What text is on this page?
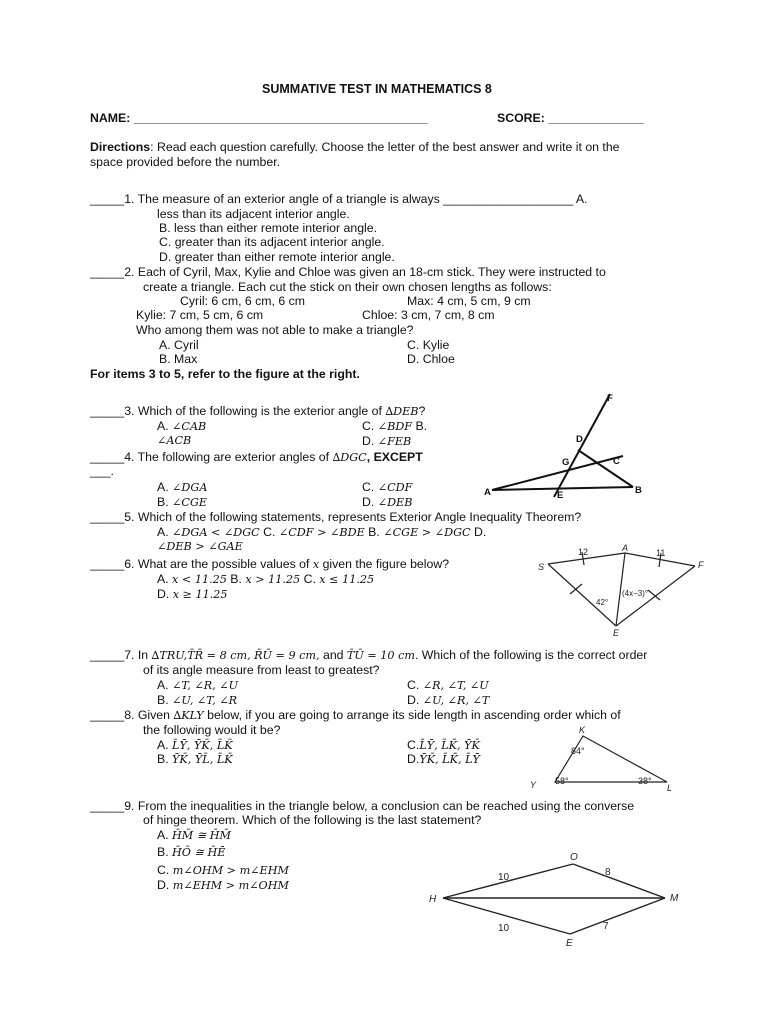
SUMMATIVE TEST IN MATHEMATICS 8
NAME: ___________________________________________	SCORE: ______________
Directions: Read each question carefully. Choose the letter of the best answer and write it on the
space provided before the number.
_____1. The measure of an exterior angle of a triangle is always ___________________ A.
less than its adjacent interior angle.
B. less than either remote interior angle.
C. greater than its adjacent interior angle.
D. greater than either remote interior angle.
_____2. Each of Cyril, Max, Kylie and Chloe was given an 18-cm stick. They were instructed to
create a triangle. Each cut the stick on their own chosen lengths as follows:
Cyril: 6 cm, 6 cm, 6 cm	Max: 4 cm, 5 cm, 9 cm
Kylie: 7 cm, 5 cm, 6 cm	Chloe: 3 cm, 7 cm, 8 cm
Who among them was not able to make a triangle?
A. Cyril	C. Kylie
B. Max	D. Chloe
For items 3 to 5, refer to the figure at the right.
_____3. Which of the following is the exterior angle of ∆DEB?
A. ∠CAB	C. ∠BDF B.
∠ACB	D. ∠FEB
_____4. The following are exterior angles of ∆DGC, EXCEPT
___.
A. ∠DGA	C. ∠CDF
B. ∠CGE	D. ∠DEB
_____5. Which of the following statements, represents Exterior Angle Inequality Theorem?
A. ∠DGA < ∠DGC C. ∠CDF > ∠BDE B. ∠CGE > ∠DGC D.
∠DEB > ∠GAE
_____6. What are the possible values of x given the figure below?
A. x < 11.25 B. x > 11.25 C. x ≤ 11.25
D. x ≥ 11.25
_____7. In ∆TRU,T̄R̄ = 8 cm, R̄Ū = 9 cm, and T̄Ū = 10 cm. Which of the following is the correct order
of its angle measure from least to greatest?
A. ∠T, ∠R, ∠U	C. ∠R, ∠T, ∠U
B. ∠U, ∠T, ∠R	D. ∠U, ∠R, ∠T
_____8. Given ∆KLY below, if you are going to arrange its side length in ascending order which of
the following would it be?
A. L̄Ȳ, ȲK̄, L̄K̄	C.L̄Ȳ, L̄K̄, ȲK̄
B. ȲK̄, ȲL̄, L̄K̄	D.ȲK̄, L̄K̄, L̄Ȳ
_____9. From the inequalities in the triangle below, a conclusion can be reached using the converse
of hinge theorem. Which of the following is the last statement?
A. H̄M̄ ≅ H̄M̄
B. H̄Ō ≅ H̄Ē
C. m∠OHM > m∠EHM
D. m∠EHM > m∠OHM
F
D
G	C
A	E	B
12	A	11
S	F
42°
(4x−3)°
E
K
84°
Y 58°	38°
L
O
10	8
H	M
10	7
E
